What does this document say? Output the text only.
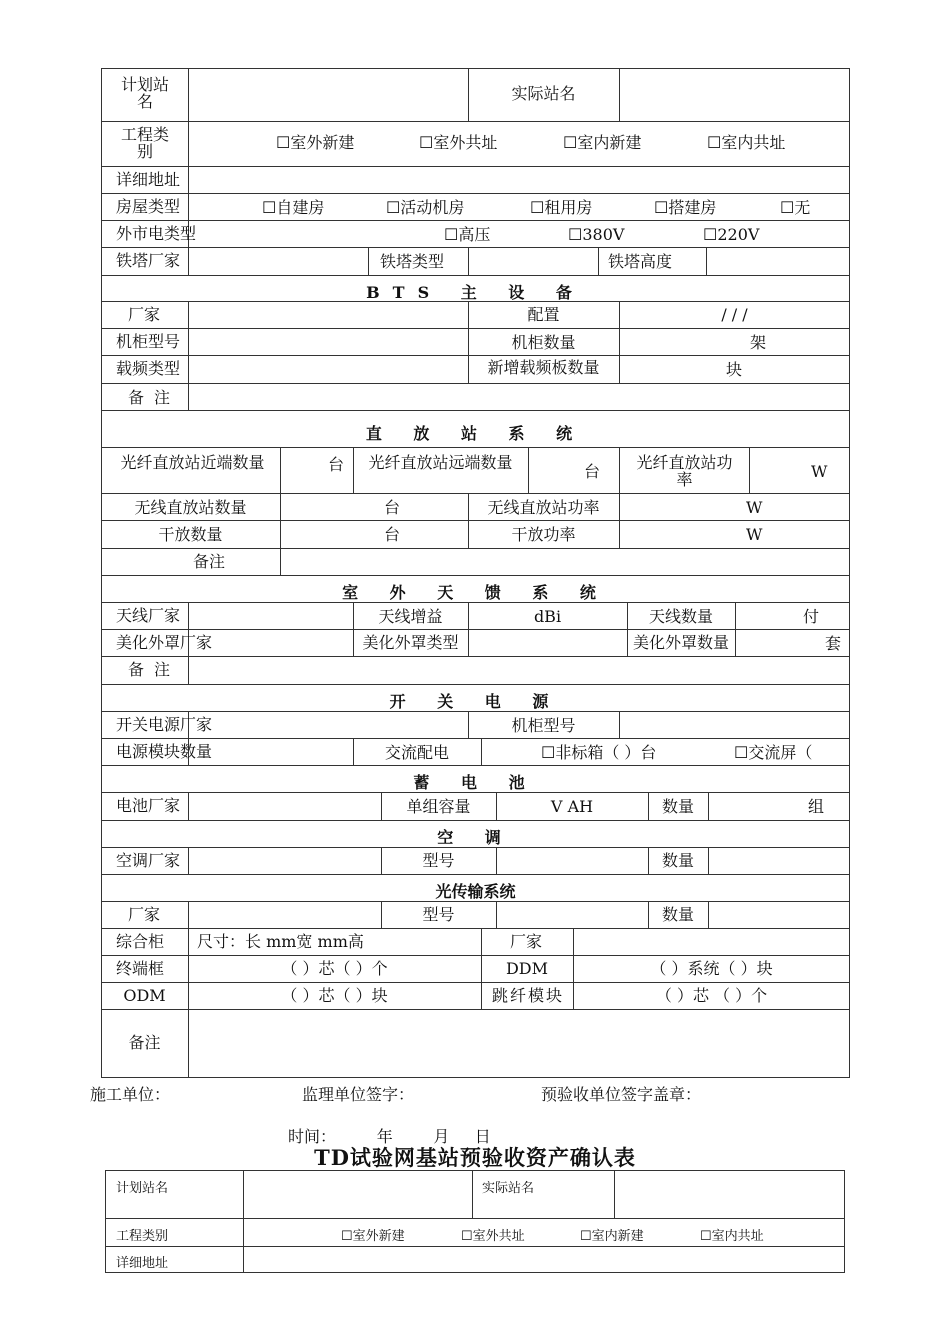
计划站名	实际站名
工程类别	☐室外新建	☐室外共址	☐室内新建	☐室内共址
详细地址
房屋类型	☐自建房	☐活动机房	☐租用房	☐搭建房	☐无
外市电类型	☐高压	☐380V	☐220V
铁塔厂家	铁塔类型	铁塔高度
BTS 主 设 备
厂家	配置	/ / /
机柜型号	机柜数量	架
载频类型	新增载频板数量	块
备注
直 放 站 系 统
光纤直放站近端数量	台	光纤直放站远端数量	台 光纤直放站功率	W
无线直放站数量	台	无线直放站功率	W
干放数量	台	干放功率	W
备注
室 外 天 馈 系 统
天线厂家	天线增益	dBi	天线数量	付
美化外罩厂家	美化外罩类型	美化外罩数量	套
备注
开 关 电 源
开关电源厂家	机柜型号
电源模块数量	交流配电	☐非标箱（ ）台	☐交流屏（
蓄 电 池
电池厂家	单组容量	V AH	数量	组
空 调
空调厂家	型号	数量
光传输系统
厂家	型号	数量
综合柜 尺寸：长 mm宽 mm高	厂家
终端框	（ ）芯（ ）个	DDM	（ ）系统（ ）块
ODM	（ ）芯（ ）块	跳纤模块	（ ）芯 （ ）个
备注
施工单位：	监理单位签字：	预验收单位签字盖章：
时间：        年        月     日
TD试验网基站预验收资产确认表
计划站名	实际站名
工程类别	☐室外新建	☐室外共址	☐室内新建	☐室内共址
详细地址
